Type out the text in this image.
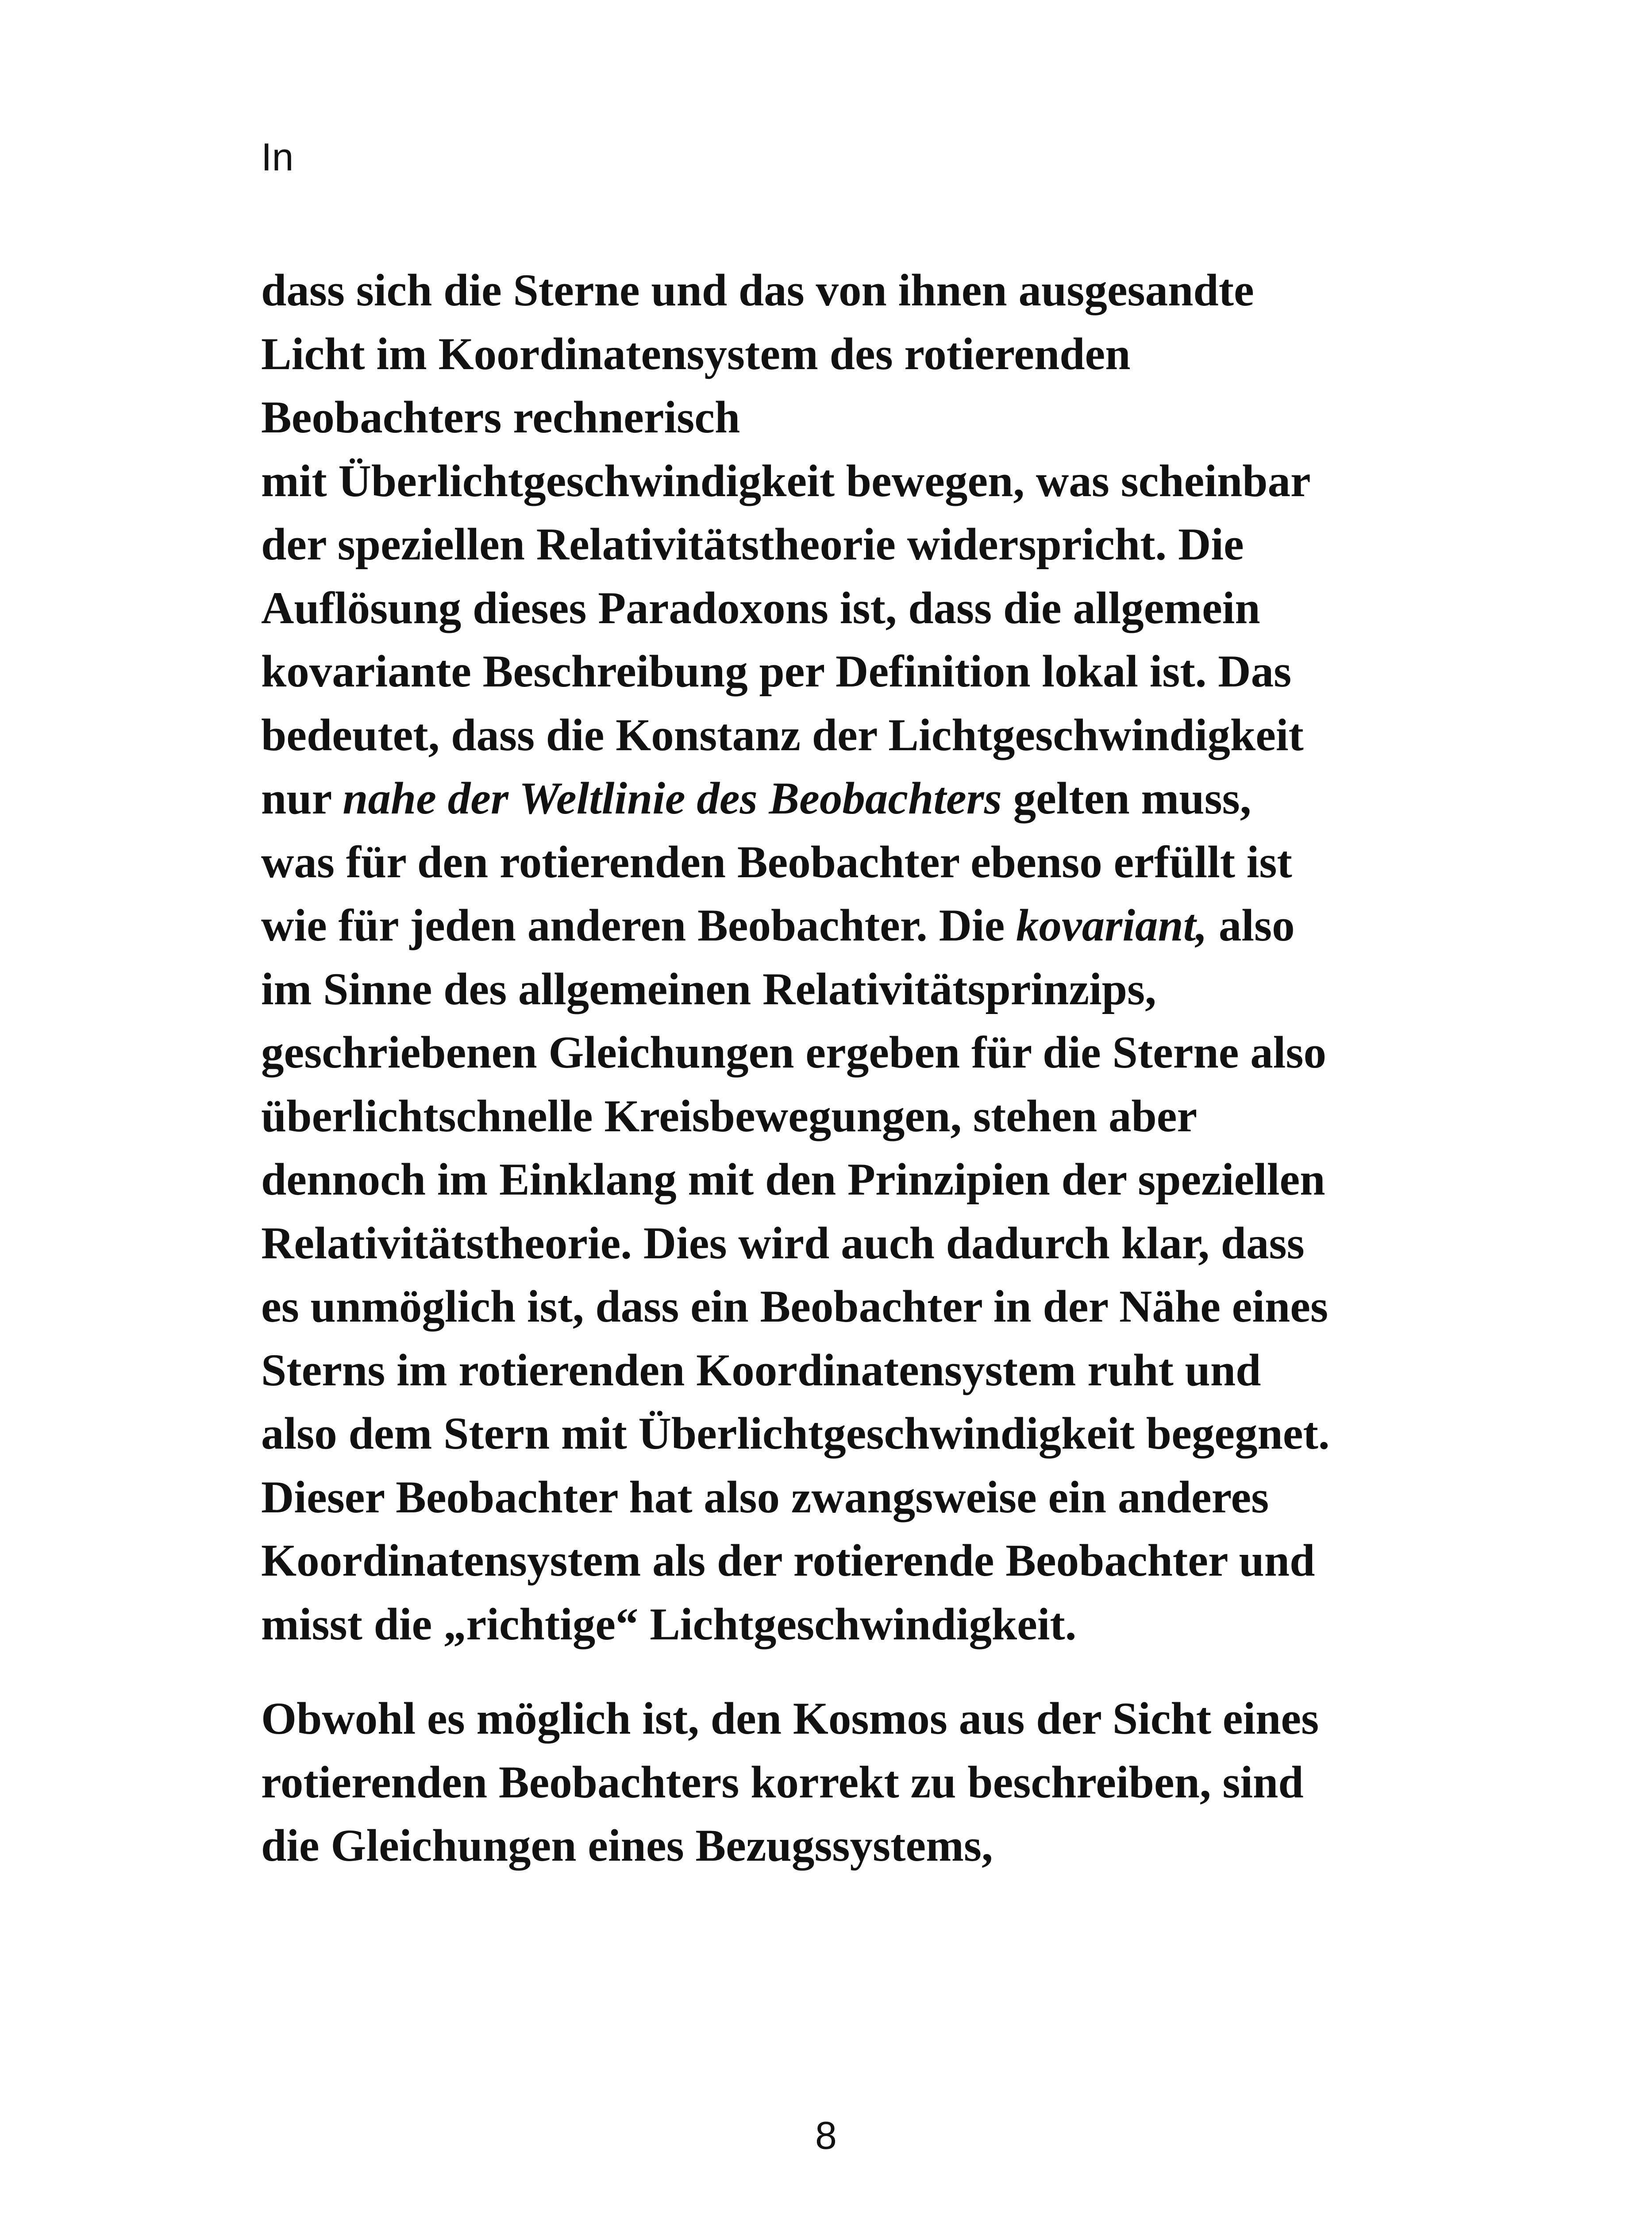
In
dass sich die Sterne und das von ihnen ausgesandte
Licht im Koordinatensystem des rotierenden
Beobachters rechnerisch
mit Überlichtgeschwindigkeit bewegen, was scheinbar
der speziellen Relativitätstheorie widerspricht. Die
Auflösung dieses Paradoxons ist, dass die allgemein
kovariante Beschreibung per Definition lokal ist. Das
bedeutet, dass die Konstanz der Lichtgeschwindigkeit
nur nahe der Weltlinie des Beobachters gelten muss,
was für den rotierenden Beobachter ebenso erfüllt ist
wie für jeden anderen Beobachter. Die kovariant, also
im Sinne des allgemeinen Relativitätsprinzips,
geschriebenen Gleichungen ergeben für die Sterne also
überlichtschnelle Kreisbewegungen, stehen aber
dennoch im Einklang mit den Prinzipien der speziellen
Relativitätstheorie. Dies wird auch dadurch klar, dass
es unmöglich ist, dass ein Beobachter in der Nähe eines
Sterns im rotierenden Koordinatensystem ruht und
also dem Stern mit Überlichtgeschwindigkeit begegnet.
Dieser Beobachter hat also zwangsweise ein anderes
Koordinatensystem als der rotierende Beobachter und
misst die „richtige“ Lichtgeschwindigkeit.
Obwohl es möglich ist, den Kosmos aus der Sicht eines
rotierenden Beobachters korrekt zu beschreiben, sind
die Gleichungen eines Bezugssystems,
8
